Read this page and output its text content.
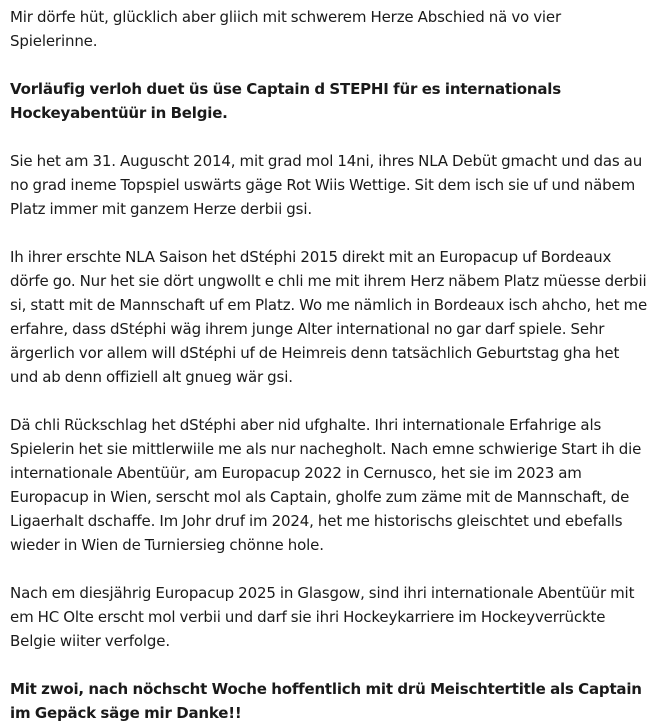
Mir dörfe hüt, glücklich aber gliich mit schwerem Herze Abschied nä vo vier Spielerinne.

Vorläufig verloh duet üs üse Captain d STEPHI für es internationals Hockeyabentüür in Belgie.

Sie het am 31. Auguscht 2014, mit grad mol 14ni, ihres NLA Debüt gmacht und das au no grad ineme Topspiel uswärts gäge Rot Wiis Wettige. Sit dem isch sie uf und näbem Platz immer mit ganzem Herze derbii gsi.

Ih ihrer erschte NLA Saison het dStéphi 2015 direkt mit an Europacup uf Bordeaux dörfe go. Nur het sie dört ungwollt e chli me mit ihrem Herz näbem Platz müesse derbii si, statt mit de Mannschaft uf em Platz. Wo me nämlich in Bordeaux isch ahcho, het me erfahre, dass dStéphi wäg ihrem junge Alter international no gar darf spiele. Sehr ärgerlich vor allem will dStéphi uf de Heimreis denn tatsächlich Geburtstag gha het und ab denn offiziell alt gnueg wär gsi.

Dä chli Rückschlag het dStéphi aber nid ufghalte. Ihri internationale Erfahrige als Spielerin het sie mittlerwiile me als nur nachegholt. Nach emne schwierige Start ih die internationale Abentüür, am Europacup 2022 in Cernusco, het sie im 2023 am Europacup in Wien, serscht mol als Captain, gholfe zum zäme mit de Mannschaft, de Ligaerhalt dschaffe. Im Johr druf im 2024, het me historischs gleischtet und ebefalls wieder in Wien de Turniersieg chönne hole.

Nach em diesjährig Europacup 2025 in Glasgow, sind ihri internationale Abentüür mit em HC Olte erscht mol verbii und darf sie ihri Hockeykarriere im Hockeyverrückte Belgie wiiter verfolge.

Mit zwoi, nach nöchscht Woche hoffentlich mit drü Meischtertitle als Captain im Gepäck säge mir Danke!!
